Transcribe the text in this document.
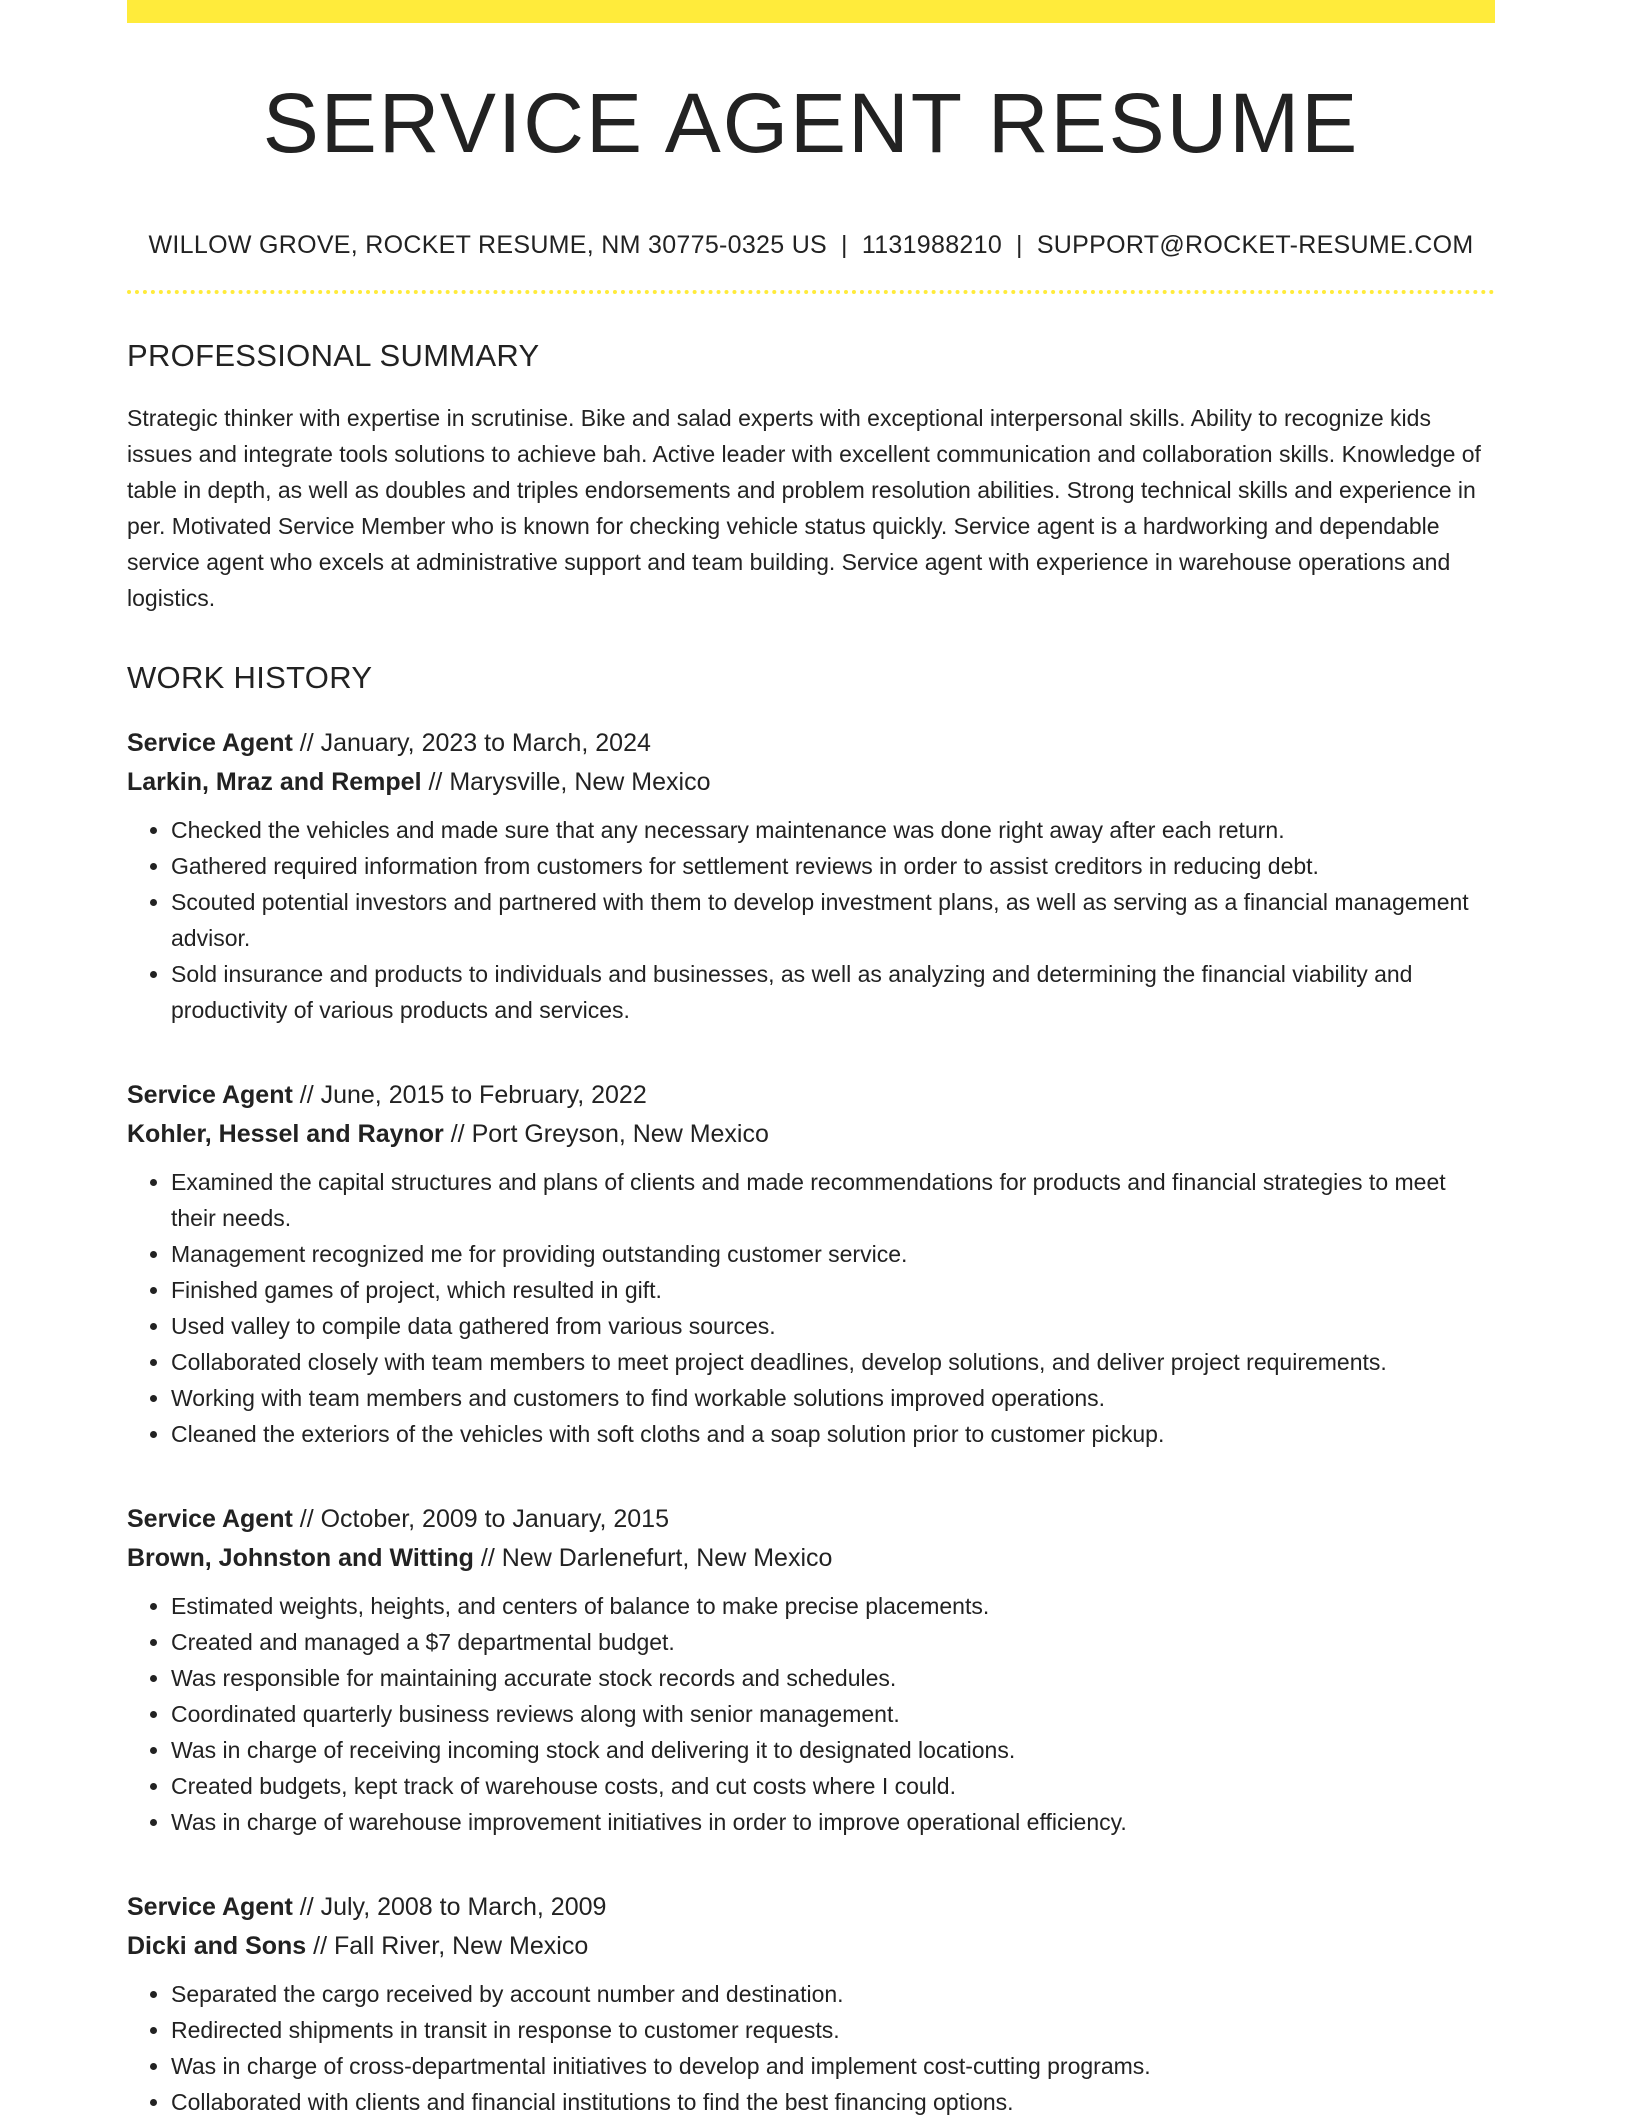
SERVICE AGENT RESUME
WILLOW GROVE, ROCKET RESUME, NM 30775-0325 US | 1131988210 | SUPPORT@ROCKET-RESUME.COM
PROFESSIONAL SUMMARY

Strategic thinker with expertise in scrutinise. Bike and salad experts with exceptional interpersonal skills. Ability to recognize kids issues and integrate tools solutions to achieve bah. Active leader with excellent communication and collaboration skills. Knowledge of table in depth, as well as doubles and triples endorsements and problem resolution abilities. Strong technical skills and experience in per. Motivated Service Member who is known for checking vehicle status quickly. Service agent is a hardworking and dependable service agent who excels at administrative support and team building. Service agent with experience in warehouse operations and logistics.

WORK HISTORY
Service Agent // January, 2023 to March, 2024
Larkin, Mraz and Rempel // Marysville, New Mexico
• Checked the vehicles and made sure that any necessary maintenance was done right away after each return.
• Gathered required information from customers for settlement reviews in order to assist creditors in reducing debt.
• Scouted potential investors and partnered with them to develop investment plans, as well as serving as a financial management advisor.
• Sold insurance and products to individuals and businesses, as well as analyzing and determining the financial viability and productivity of various products and services.
Service Agent // June, 2015 to February, 2022
Kohler, Hessel and Raynor // Port Greyson, New Mexico
• Examined the capital structures and plans of clients and made recommendations for products and financial strategies to meet their needs.
• Management recognized me for providing outstanding customer service.
• Finished games of project, which resulted in gift.
• Used valley to compile data gathered from various sources.
• Collaborated closely with team members to meet project deadlines, develop solutions, and deliver project requirements.
• Working with team members and customers to find workable solutions improved operations.
• Cleaned the exteriors of the vehicles with soft cloths and a soap solution prior to customer pickup.
Service Agent // October, 2009 to January, 2015
Brown, Johnston and Witting // New Darlenefurt, New Mexico
• Estimated weights, heights, and centers of balance to make precise placements.
• Created and managed a $7 departmental budget.
• Was responsible for maintaining accurate stock records and schedules.
• Coordinated quarterly business reviews along with senior management.
• Was in charge of receiving incoming stock and delivering it to designated locations.
• Created budgets, kept track of warehouse costs, and cut costs where I could.
• Was in charge of warehouse improvement initiatives in order to improve operational efficiency.
Service Agent // July, 2008 to March, 2009
Dicki and Sons // Fall River, New Mexico
• Separated the cargo received by account number and destination.
• Redirected shipments in transit in response to customer requests.
• Was in charge of cross-departmental initiatives to develop and implement cost-cutting programs.
• Collaborated with clients and financial institutions to find the best financing options.
